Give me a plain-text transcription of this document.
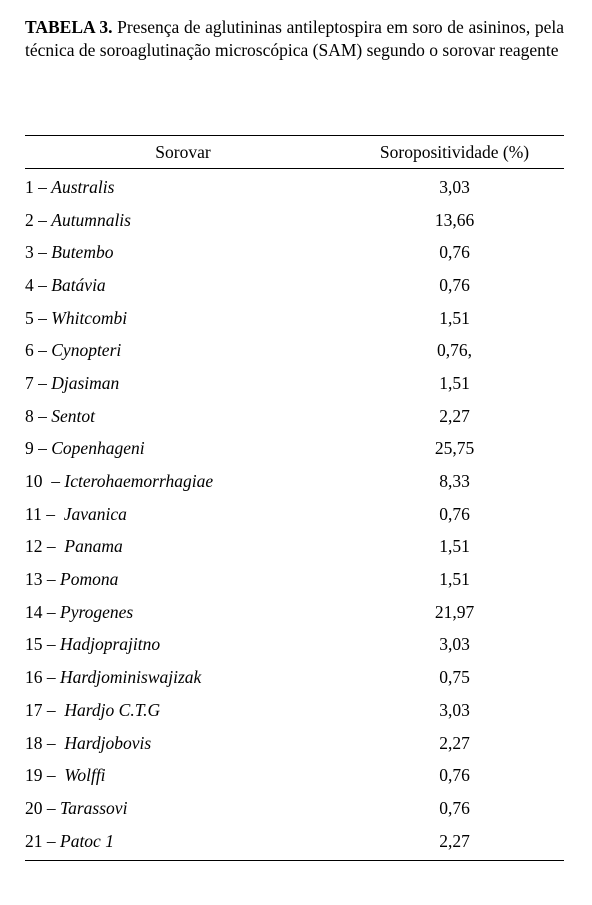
TABELA 3. Presença de aglutininas antileptospira em soro de asininos, pela técnica de soroaglutinação microscópica (SAM) segundo o sorovar reagente
Sorovar	Soropositividade (%)
1 – Australis	3,03
2 – Autumnalis	13,66
3 – Butembo	0,76
4 – Batávia	0,76
5 – Whitcombi	1,51
6 – Cynopteri	0,76,
7 – Djasiman	1,51
8 – Sentot	2,27
9 – Copenhageni	25,75
10  – Icterohaemorrhagiae	8,33
11 –  Javanica	0,76
12 –  Panama	1,51
13 – Pomona	1,51
14 – Pyrogenes	21,97
15 – Hadjoprajitno	3,03
16 – Hardjominiswajizak	0,75
17 –  Hardjo C.T.G	3,03
18 –  Hardjobovis	2,27
19 –  Wolffi	0,76
20 – Tarassovi	0,76
21 – Patoc 1	2,27
